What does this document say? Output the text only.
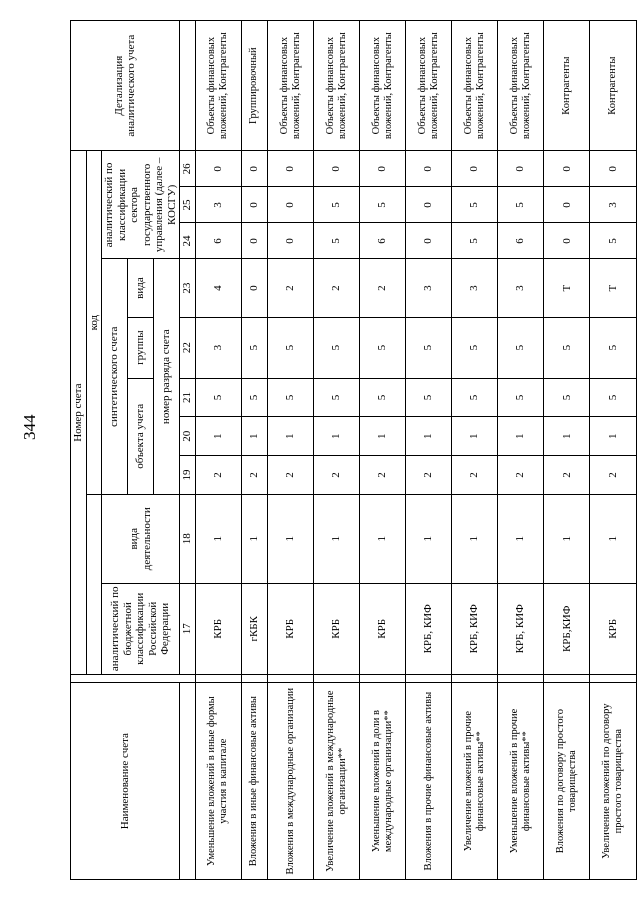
344
Наименование счета		Номер счета										Детализация аналитического учета
				код								
		аналитический по бюджетной классификации Российской Федерации	вида деятельности	синтетического счета					аналитический по классификации сектора государственного управления (далее – КОСГУ)			
				объекта учета			группы	вида				
				номер разряда счета								
		17	18	19	20	21	22	23	24	25	26	
Уменьшение вложений в иные формы участия в капитале		КРБ	1	2	1	5	3	4	6	3	0	Объекты финансовых вложений, Контрагенты
Вложения в иные финансовые активы		гКБК	1	2	1	5	5	0	0	0	0	Группировочный
Вложения в международные организации		КРБ	1	2	1	5	5	2	0	0	0	Объекты финансовых вложений, Контрагенты
Увеличение вложений в международные организации**		КРБ	1	2	1	5	5	2	5	5	0	Объекты финансовых вложений, Контрагенты
Уменьшение вложений в доли в международные организации**		КРБ	1	2	1	5	5	2	6	5	0	Объекты финансовых вложений, Контрагенты
Вложения в прочие финансовые активы		КРБ, КИФ	1	2	1	5	5	3	0	0	0	Объекты финансовых вложений, Контрагенты
Увеличение вложений в прочие финансовые активы**		КРБ, КИФ	1	2	1	5	5	3	5	5	0	Объекты финансовых вложений, Контрагенты
Уменьшение вложений в прочие финансовые активы**		КРБ, КИФ	1	2	1	5	5	3	6	5	0	Объекты финансовых вложений, Контрагенты
Вложения по договору простого товарищества		КРБ,КИФ	1	2	1	5	5	Т	0	0	0	Контрагенты
Увеличение вложений по договору простого товарищества		КРБ	1	2	1	5	5	Т	5	3	0	Контрагенты
